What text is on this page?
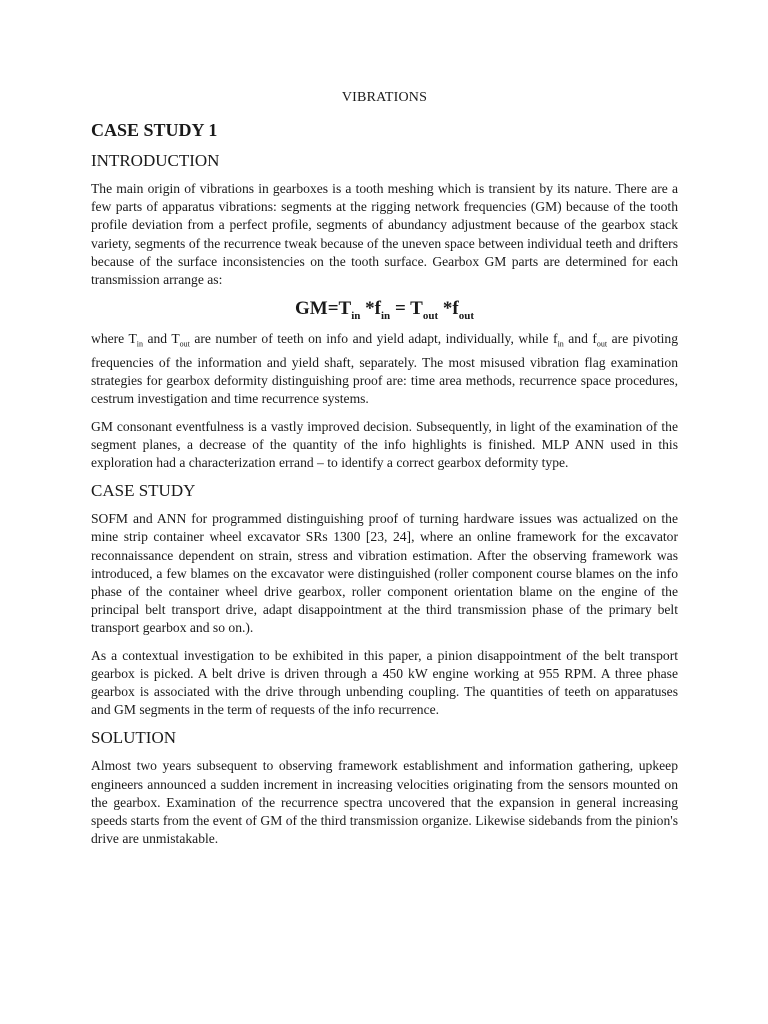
VIBRATIONS
CASE STUDY 1
INTRODUCTION

The main origin of vibrations in gearboxes is a tooth meshing which is transient by its nature. There are a few parts of apparatus vibrations: segments at the rigging network frequencies (GM) because of the tooth profile deviation from a perfect profile, segments of abundancy adjustment because of the gearbox stack variety, segments of the recurrence tweak because of the uneven space between individual teeth and drifters because of the surface inconsistencies on the tooth surface. Gearbox GM parts are determined for each transmission arrange as:

$GM=T_{in}$ $*f_{in} = T_{out}$ $*f_{out}$

where $T_{in}$ and $T_{out}$ are number of teeth on info and yield adapt, individually, while $f_{in}$ and $f_{out}$ are pivoting frequencies of the information and yield shaft, separately. The most misused vibration flag examination strategies for gearbox deformity distinguishing proof are: time area methods, recurrence space procedures, cestrum investigation and time recurrence systems.

GM consonant eventfulness is a vastly improved decision. Subsequently, in light of the examination of the segment planes, a decrease of the quantity of the info highlights is finished. MLP ANN used in this exploration had a characterization errand – to identify a correct gearbox deformity type.

CASE STUDY

SOFM and ANN for programmed distinguishing proof of turning hardware issues was actualized on the mine strip container wheel excavator SRs 1300 [23, 24], where an online framework for the excavator reconnaissance dependent on strain, stress and vibration estimation. After the observing framework was introduced, a few blames on the excavator were distinguished (roller component course blames on the info phase of the container wheel drive gearbox, roller component orientation blame on the engine of the principal belt transport drive, adapt disappointment at the third transmission phase of the primary belt transport gearbox and so on.).

As a contextual investigation to be exhibited in this paper, a pinion disappointment of the belt transport gearbox is picked. A belt drive is driven through a 450 kW engine working at 955 RPM. A three phase gearbox is associated with the drive through unbending coupling. The quantities of teeth on apparatuses and GM segments in the term of requests of the info recurrence.

SOLUTION

Almost two years subsequent to observing framework establishment and information gathering, upkeep engineers announced a sudden increment in increasing velocities originating from the sensors mounted on the gearbox. Examination of the recurrence spectra uncovered that the expansion in general increasing speeds starts from the event of GM of the third transmission organize. Likewise sidebands from the pinion's drive are unmistakable.
